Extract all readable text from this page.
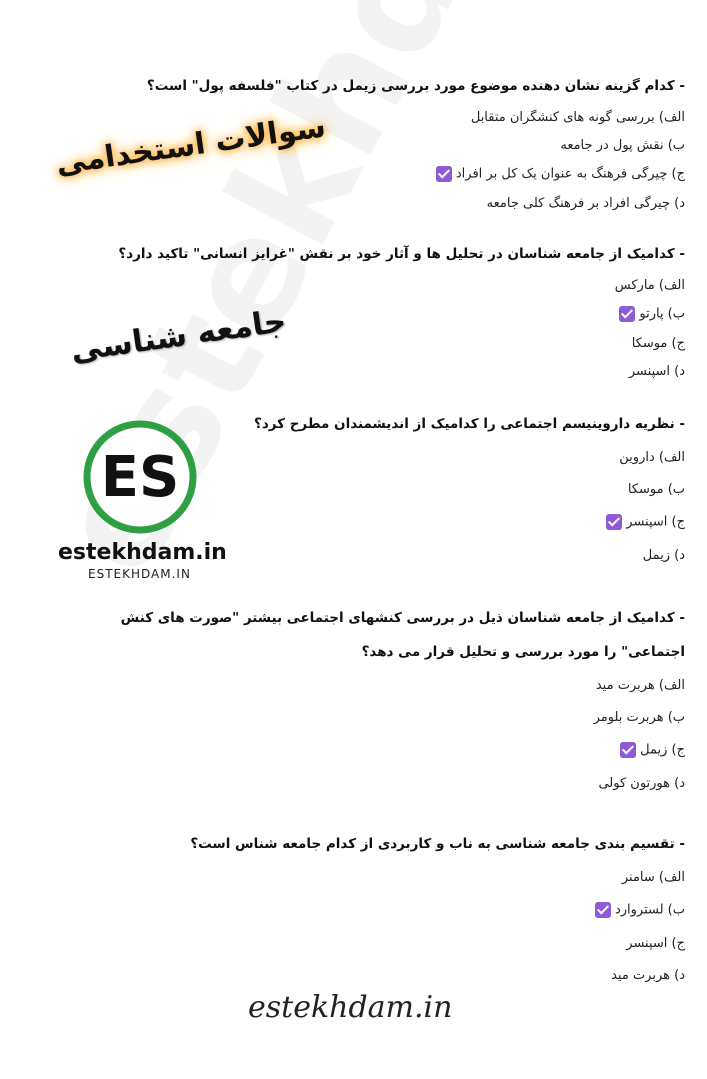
- کدام گزینه نشان دهنده موضوع مورد بررسی زیمل در کتاب "فلسفه پول" است؟
الف) بررسی گونه های کنشگران متقابل
ب) نقش پول در جامعه
ج) چیرگی فرهنگ به عنوان یک کل بر افراد
د) چیرگی افراد بر فرهنگ کلی جامعه
- کدامیک از جامعه شناسان در تحلیل ها و آثار خود بر نقش "غرایز انسانی" تاکید دارد؟
الف) مارکس
ب) پارتو
ج) موسکا
د) اسپنسر
- نظریه داروینیسم اجتماعی را کدامیک از اندیشمندان مطرح کرد؟
الف) داروین
ب) موسکا
ج) اسپنسر
د) زیمل
- کدامیک از جامعه شناسان ذیل در بررسی کنشهای اجتماعی بیشتر "صورت های کنش
اجتماعی" را مورد بررسی و تحلیل قرار می دهد؟
الف) هربرت مید
ب) هربرت بلومر
ج) زیمل
د) هورتون کولی
- تقسیم بندی جامعه شناسی به ناب و کاربردی از کدام جامعه شناس است؟
الف) سامنر
ب) لستروارد
ج) اسپنسر
د) هربرت مید
سوالات استخدامی
جامعه شناسی
ES
estekhdam.in
ESTEKHDAM.IN
estekhdam.in
